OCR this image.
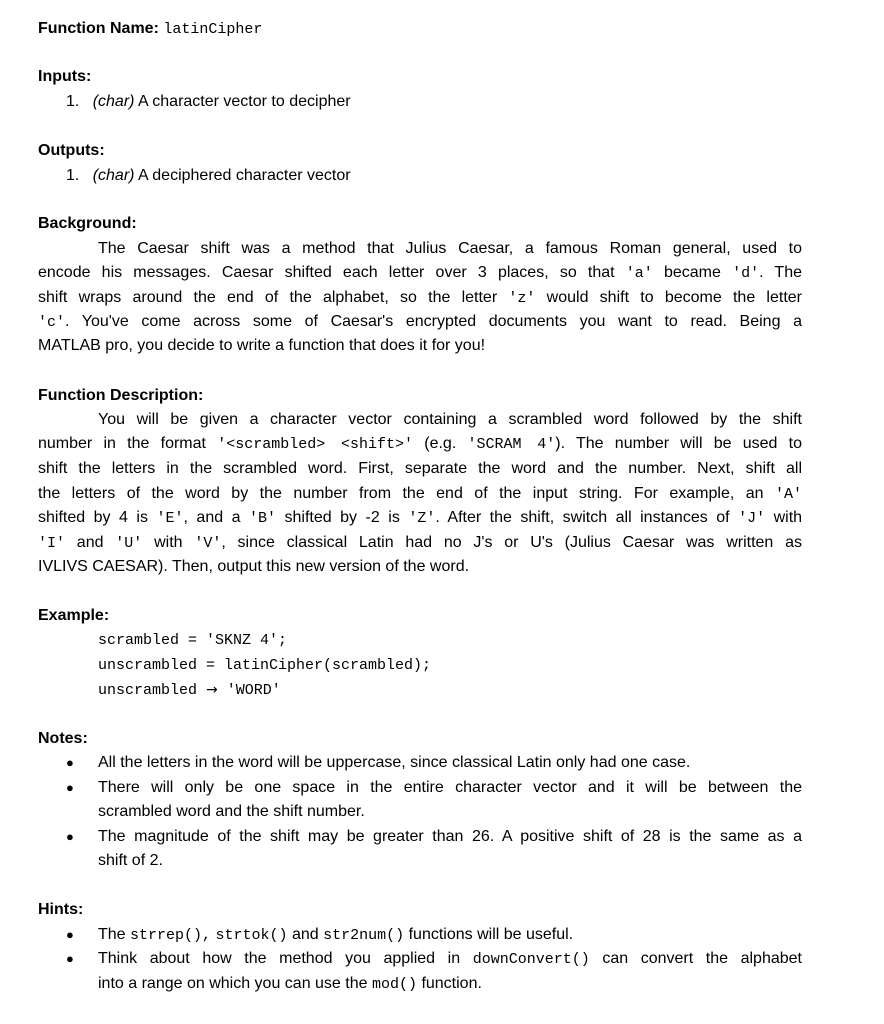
Function Name: latinCipher
Inputs:
1. (char) A character vector to decipher
Outputs:
1. (char) A deciphered character vector
Background:
The Caesar shift was a method that Julius Caesar, a famous Roman general, used to
encode his messages. Caesar shifted each letter over 3 places, so that 'a' became 'd'. The
shift wraps around the end of the alphabet, so the letter 'z' would shift to become the letter
'c'. You've come across some of Caesar's encrypted documents you want to read. Being a
MATLAB pro, you decide to write a function that does it for you!
Function Description:
You will be given a character vector containing a scrambled word followed by the shift
number in the format '<scrambled> <shift>' (e.g. 'SCRAM 4'). The number will be used to
shift the letters in the scrambled word. First, separate the word and the number. Next, shift all
the letters of the word by the number from the end of the input string. For example, an 'A'
shifted by 4 is 'E', and a 'B' shifted by -2 is 'Z'. After the shift, switch all instances of 'J' with
'I' and 'U' with 'V', since classical Latin had no J's or U's (Julius Caesar was written as
IVLIVS CAESAR). Then, output this new version of the word.
Example:
scrambled = 'SKNZ 4';
unscrambled = latinCipher(scrambled);
unscrambled → 'WORD'
Notes:
● All the letters in the word will be uppercase, since classical Latin only had one case.
● There will only be one space in the entire character vector and it will be between the
scrambled word and the shift number.
● The magnitude of the shift may be greater than 26. A positive shift of 28 is the same as a
shift of 2.
Hints:
● The strrep(), strtok() and str2num() functions will be useful.
● Think about how the method you applied in downConvert() can convert the alphabet
into a range on which you can use the mod() function.
